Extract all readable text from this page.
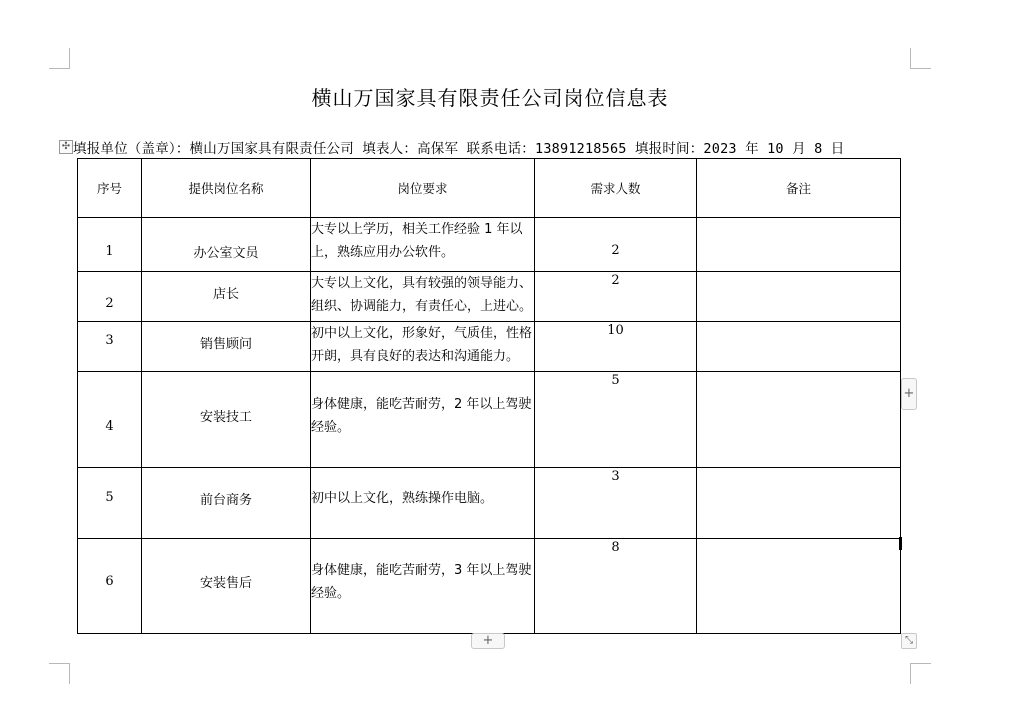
横山万国家具有限责任公司岗位信息表
✣ 填报单位（盖章）：横山万国家具有限责任公司 填表人：高保军 联系电话：13891218565 填报时间：2023 年 10 月 8 日
序号	提供岗位名称	岗位要求	需求人数	备注

1	办公室文员	大专以上学历，相关工作经验 1 年以上，熟练应用办公软件。	2	

2	店长	大专以上文化，具有较强的领导能力、组织、协调能力，有责任心，上进心。	2	

3	销售顾问	初中以上文化，形象好，气质佳，性格开朗，具有良好的表达和沟通能力。	10	

4	安装技工	身体健康，能吃苦耐劳，2 年以上驾驶经验。	5	

5	前台商务	初中以上文化，熟练操作电脑。	3	

6	安装售后	身体健康，能吃苦耐劳，3 年以上驾驶经验。	8	

+
+	⤡
